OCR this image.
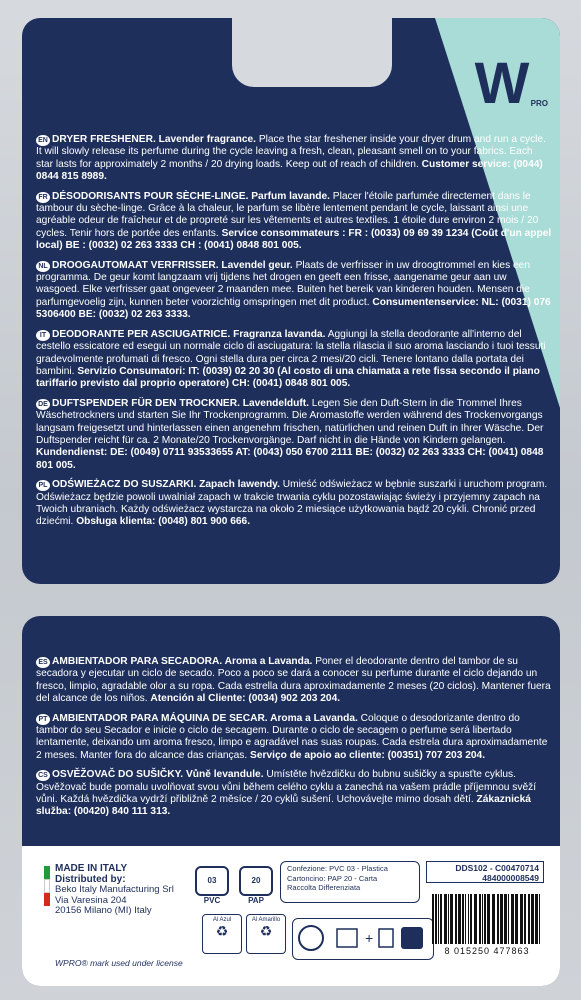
W PRO
EN DRYER FRESHENER. Lavender fragrance. Place the star freshener inside your dryer drum and run a cycle. It will slowly release its perfume during the cycle leaving a fresh, clean, pleasant smell on to your fabrics. Each star lasts for approximately 2 months / 20 drying loads. Keep out of reach of children. Customer service: (0044) 0844 815 8989.
FR DÉSODORISANTS POUR SÈCHE-LINGE. Parfum lavande. Placer l'étoile parfumée directement dans le tambour du sèche-linge. Grâce à la chaleur, le parfum se libère lentement pendant le cycle, laissant ainsi une agréable odeur de fraîcheur et de propreté sur les vêtements et autres textiles. 1 étoile dure environ 2 mois / 20 cycles. Tenir hors de portée des enfants. Service consommateurs : FR : (0033) 09 69 39 1234 (Coût d'un appel local) BE : (0032) 02 263 3333 CH : (0041) 0848 801 005.
NL DROOGAUTOMAAT VERFRISSER. Lavendel geur. Plaats de verfrisser in uw droogtrommel en kies een programma. De geur komt langzaam vrij tijdens het drogen en geeft een frisse, aangename geur aan uw wasgoed. Elke verfrisser gaat ongeveer 2 maanden mee. Buiten het bereik van kinderen houden. Mensen die parfumgevoelig zijn, kunnen beter voorzichtig omspringen met dit product. Consumentenservice: NL: (0031) 076 5306400 BE: (0032) 02 263 3333.
IT DEODORANTE PER ASCIUGATRICE. Fragranza lavanda. Aggiungi la stella deodorante all'interno del cestello essicatore ed esegui un normale ciclo di asciugatura: la stella rilascia il suo aroma lasciando i tuoi tessuti gradevolmente profumati di fresco. Ogni stella dura per circa 2 mesi/20 cicli. Tenere lontano dalla portata dei bambini. Servizio Consumatori: IT: (0039) 02 20 30 (Al costo di una chiamata a rete fissa secondo il piano tariffario previsto dal proprio operatore) CH: (0041) 0848 801 005.
DE DUFTSPENDER FÜR DEN TROCKNER. Lavendelduft. Legen Sie den Duft-Stern in die Trommel Ihres Wäschetrockners und starten Sie Ihr Trockenprogramm. Die Aromastoffe werden während des Trockenvorgangs langsam freigesetzt und hinterlassen einen angenehm frischen, natürlichen und reinen Duft in Ihrer Wäsche. Der Duftspender reicht für ca. 2 Monate/20 Trockenvorgänge. Darf nicht in die Hände von Kindern gelangen. Kundendienst: DE: (0049) 0711 93533655 AT: (0043) 050 6700 2111 BE: (0032) 02 263 3333 CH: (0041) 0848 801 005.
PL ODŚWIEŻACZ DO SUSZARKI. Zapach lawendy. Umieść odświeżacz w bębnie suszarki i uruchom program. Odświeżacz będzie powoli uwalniał zapach w trakcie trwania cyklu pozostawiając świeży i przyjemny zapach na Twoich ubraniach. Każdy odświeżacz wystarcza na około 2 miesiące użytkowania bądź 20 cykli. Chronić przed dziećmi. Obsługa klienta: (0048) 801 900 666.
ES AMBIENTADOR PARA SECADORA. Aroma a Lavanda. Poner el deodorante dentro del tambor de su secadora y ejecutar un ciclo de secado. Poco a poco se dará a conocer su perfume durante el ciclo dejando un fresco, limpio, agradable olor a su ropa. Cada estrella dura aproximadamente 2 meses (20 ciclos). Mantener fuera del alcance de los niños. Atención al Cliente: (0034) 902 203 204.
PT AMBIENTADOR PARA MÁQUINA DE SECAR. Aroma a Lavanda. Coloque o desodorizante dentro do tambor do seu Secador e inicie o ciclo de secagem. Durante o ciclo de secagem o perfume será libertado lentamente, deixando um aroma fresco, limpo e agradável nas suas roupas. Cada estrela dura aproximadamente 2 meses. Manter fora do alcance das crianças. Serviço de apoio ao cliente: (00351) 707 203 204.
CS OSVĚŽOVAČ DO SUŠIČKY. Vůně levandule. Umístěte hvězdičku do bubnu sušičky a spusťte cyklus. Osvěžovač bude pomalu uvolňovat svou vůni během celého cyklu a zanechá na vašem prádle příjemnou svěží vůni. Každá hvězdička vydrží přibližně 2 měsíce / 20 cyklů sušení. Uchovávejte mimo dosah dětí. Zákaznická služba: (00420) 840 111 313.
MADE IN ITALY
Distributed by:
Beko Italy Manufacturing Srl
Via Varesina 204
20156 Milano (MI) Italy
WPRO® mark used under license
03
PVC
20
PAP
Confezione: PVC 03 - Plastica
Cartoncino: PAP 20 - Carta
Raccolta Differenziata
Al Azul
♻
Al Amarillo
♻	+
DDS102 - C00470714
484000008549
8 015250 477863
